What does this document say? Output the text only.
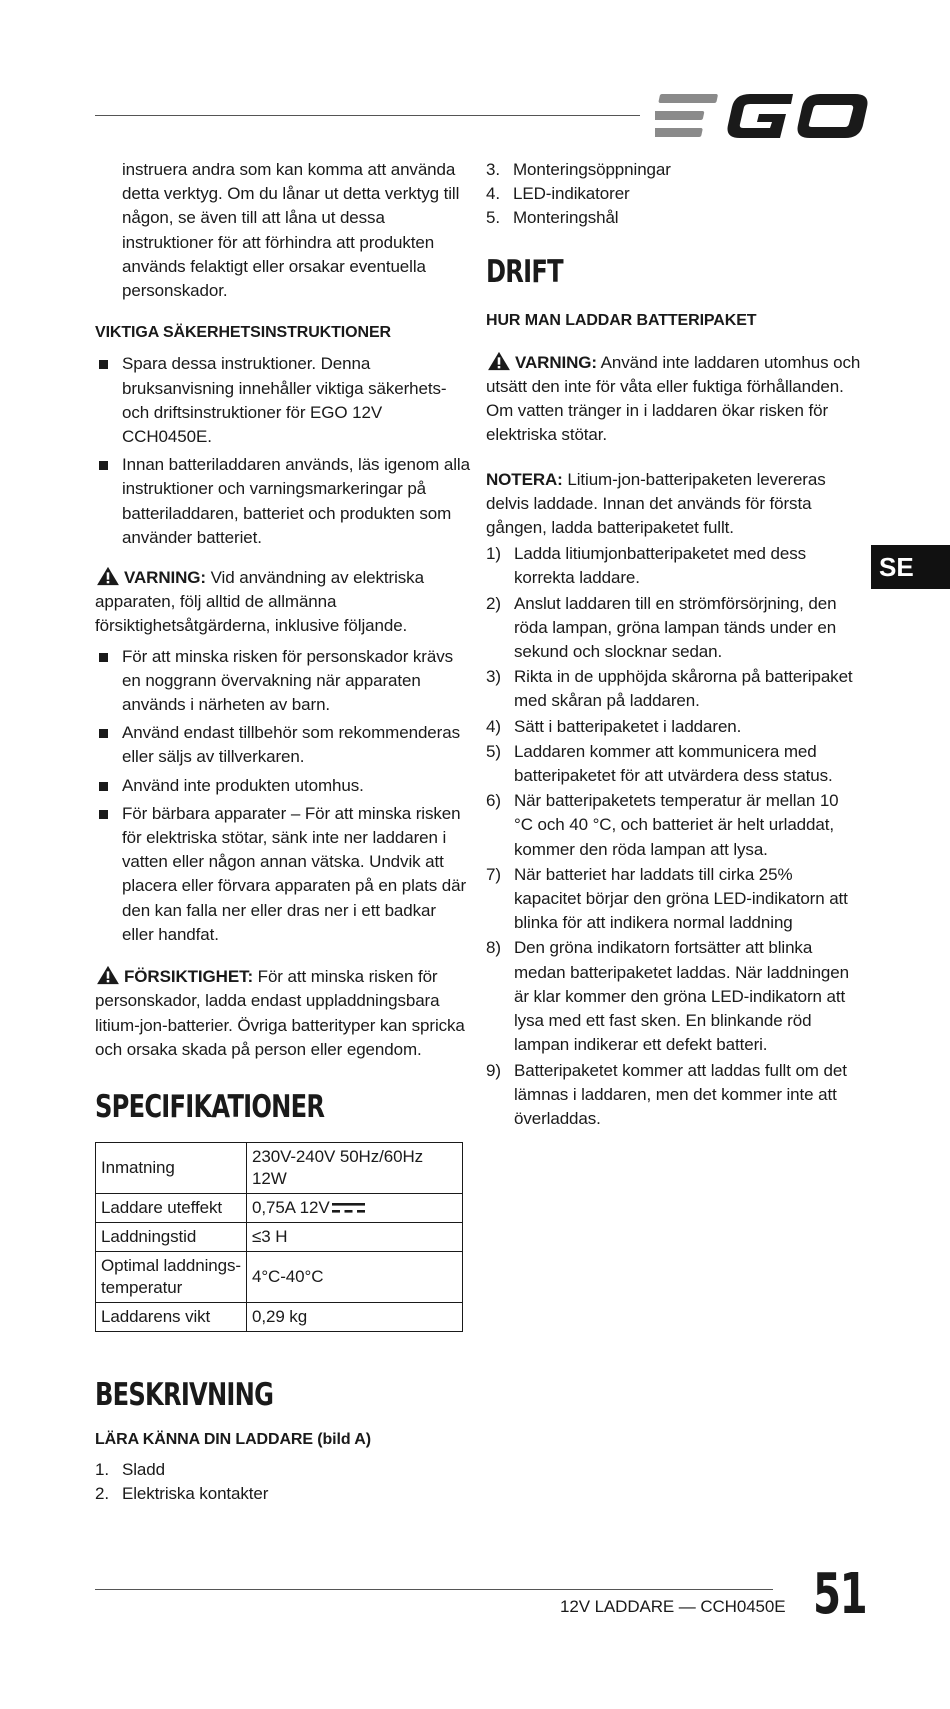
instruera andra som kan komma att använda detta verktyg. Om du lånar ut detta verktyg till någon, se även till att låna ut dessa instruktioner för att förhindra att produkten används felaktigt eller orsakar eventuella personskador.

VIKTIGA SÄKERHETSINSTRUKTIONER

Spara dessa instruktioner. Denna bruksanvisning innehåller viktiga säkerhets- och driftsinstruktioner för EGO 12V CCH0450E.
Innan batteriladdaren används, läs igenom alla instruktioner och varningsmarkeringar på batteriladdaren, batteriet och produkten som använder batteriet.

VARNING: Vid användning av elektriska apparaten, följ alltid de allmänna försiktighetsåtgärderna, inklusive följande.

För att minska risken för personskador krävs en noggrann övervakning när apparaten används i närheten av barn.
Använd endast tillbehör som rekommenderas eller säljs av tillverkaren.
Använd inte produkten utomhus.
För bärbara apparater – För att minska risken för elektriska stötar, sänk inte ner laddaren i vatten eller någon annan vätska. Undvik att placera eller förvara apparaten på en plats där den kan falla ner eller dras ner i ett badkar eller handfat.

FÖRSIKTIGHET: För att minska risken för personskador, ladda endast uppladdningsbara litium-jon-batterier. Övriga batterityper kan spricka och orsaka skada på person eller egendom.

SPECIFIKATIONER
Inmatning	230V-240V 50Hz/60Hz 12W
Laddare uteffekt	0,75A 12V
Laddningstid	≤3 H
Optimal laddnings-temperatur	4°C-40°C
Laddarens vikt	0,29 kg
BESKRIVNING

LÄRA KÄNNA DIN LADDARE (bild A)

1. Sladd
2. Elektriska kontakter
3. Monteringsöppningar
4. LED-indikatorer
5. Monteringshål
DRIFT

HUR MAN LADDAR BATTERIPAKET

VARNING: Använd inte laddaren utomhus och utsätt den inte för våta eller fuktiga förhållanden. Om vatten tränger in i laddaren ökar risken för elektriska stötar.

NOTERA: Litium-jon-batteripaketen levereras delvis laddade. Innan det används för första gången, ladda batteripaketet fullt.

1) Ladda litiumjonbatteripaketet med dess korrekta laddare.
2) Anslut laddaren till en strömförsörjning, den röda lampan, gröna lampan tänds under en sekund och slocknar sedan.
3) Rikta in de upphöjda skårorna på batteripaket med skåran på laddaren.
4) Sätt i batteripaketet i laddaren.
5) Laddaren kommer att kommunicera med batteripaketet för att utvärdera dess status.
6) När batteripaketets temperatur är mellan 10 °C och 40 °C, och batteriet är helt urladdat, kommer den röda lampan att lysa.
7) När batteriet har laddats till cirka 25% kapacitet börjar den gröna LED-indikatorn att blinka för att indikera normal laddning
8) Den gröna indikatorn fortsätter att blinka medan batteripaketet laddas. När laddningen är klar kommer den gröna LED-indikatorn att lysa med ett fast sken. En blinkande röd lampan indikerar ett defekt batteri.
9) Batteripaketet kommer att laddas fullt om det lämnas i laddaren, men det kommer inte att överladdas.
SE
12V LADDARE — CCH0450E 51
